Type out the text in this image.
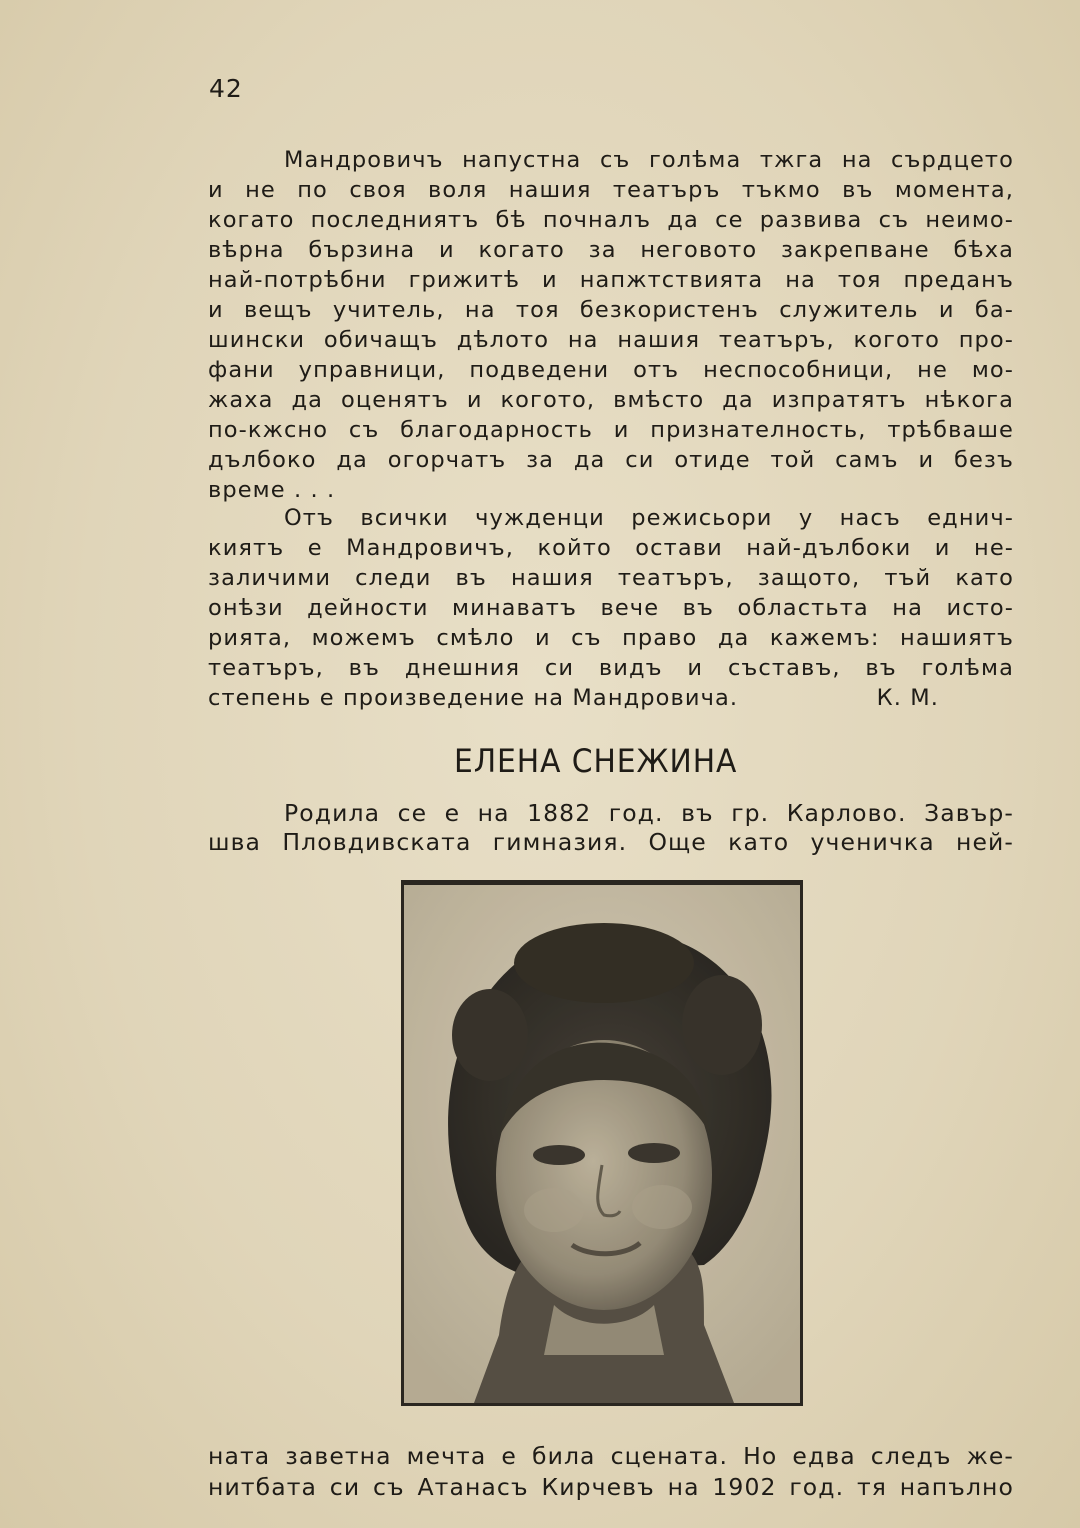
42
Мандровичъ напустна съ голѣма тжга на сърдцето
и не по своя воля нашия театъръ тъкмо въ момента,
когато последниятъ бѣ почналъ да се развива съ неимо-
вѣрна бързина и когато за неговото закрепване бѣха
най-потрѣбни грижитѣ и напжтствията на тоя преданъ
и вещъ учитель, на тоя безкористенъ служитель и ба-
шински обичащъ дѣлото на нашия театъръ, когото про-
фани управници, подведени отъ неспособници, не мо-
жаха да оценятъ и когото, вмѣсто да изпратятъ нѣкога
по-кжсно съ благодарность и признателность, трѣбваше
дълбоко да огорчатъ за да си отиде той самъ и безъ
време . . .
Отъ всички чужденци режисьори у насъ еднич-
киятъ е Мандровичъ, който остави най-дълбоки и не-
заличими следи въ нашия театъръ, защото, тъй като
онѣзи дейности минаватъ вече въ областьта на исто-
рията, можемъ смѣло и съ право да кажемъ: нашиятъ
театъръ, въ днешния си видъ и съставъ, въ голѣма
степень е произведение на Мандровича.	К. М.
ЕЛЕНА СНЕЖИНА
Родила се е на 1882 год. въ гр. Карлово. Завър-
шва Пловдивската гимназия. Още като ученичка ней-
ната заветна мечта е била сцената. Но едва следъ же-
нитбата си съ Атанасъ Кирчевъ на 1902 год. тя напълно
